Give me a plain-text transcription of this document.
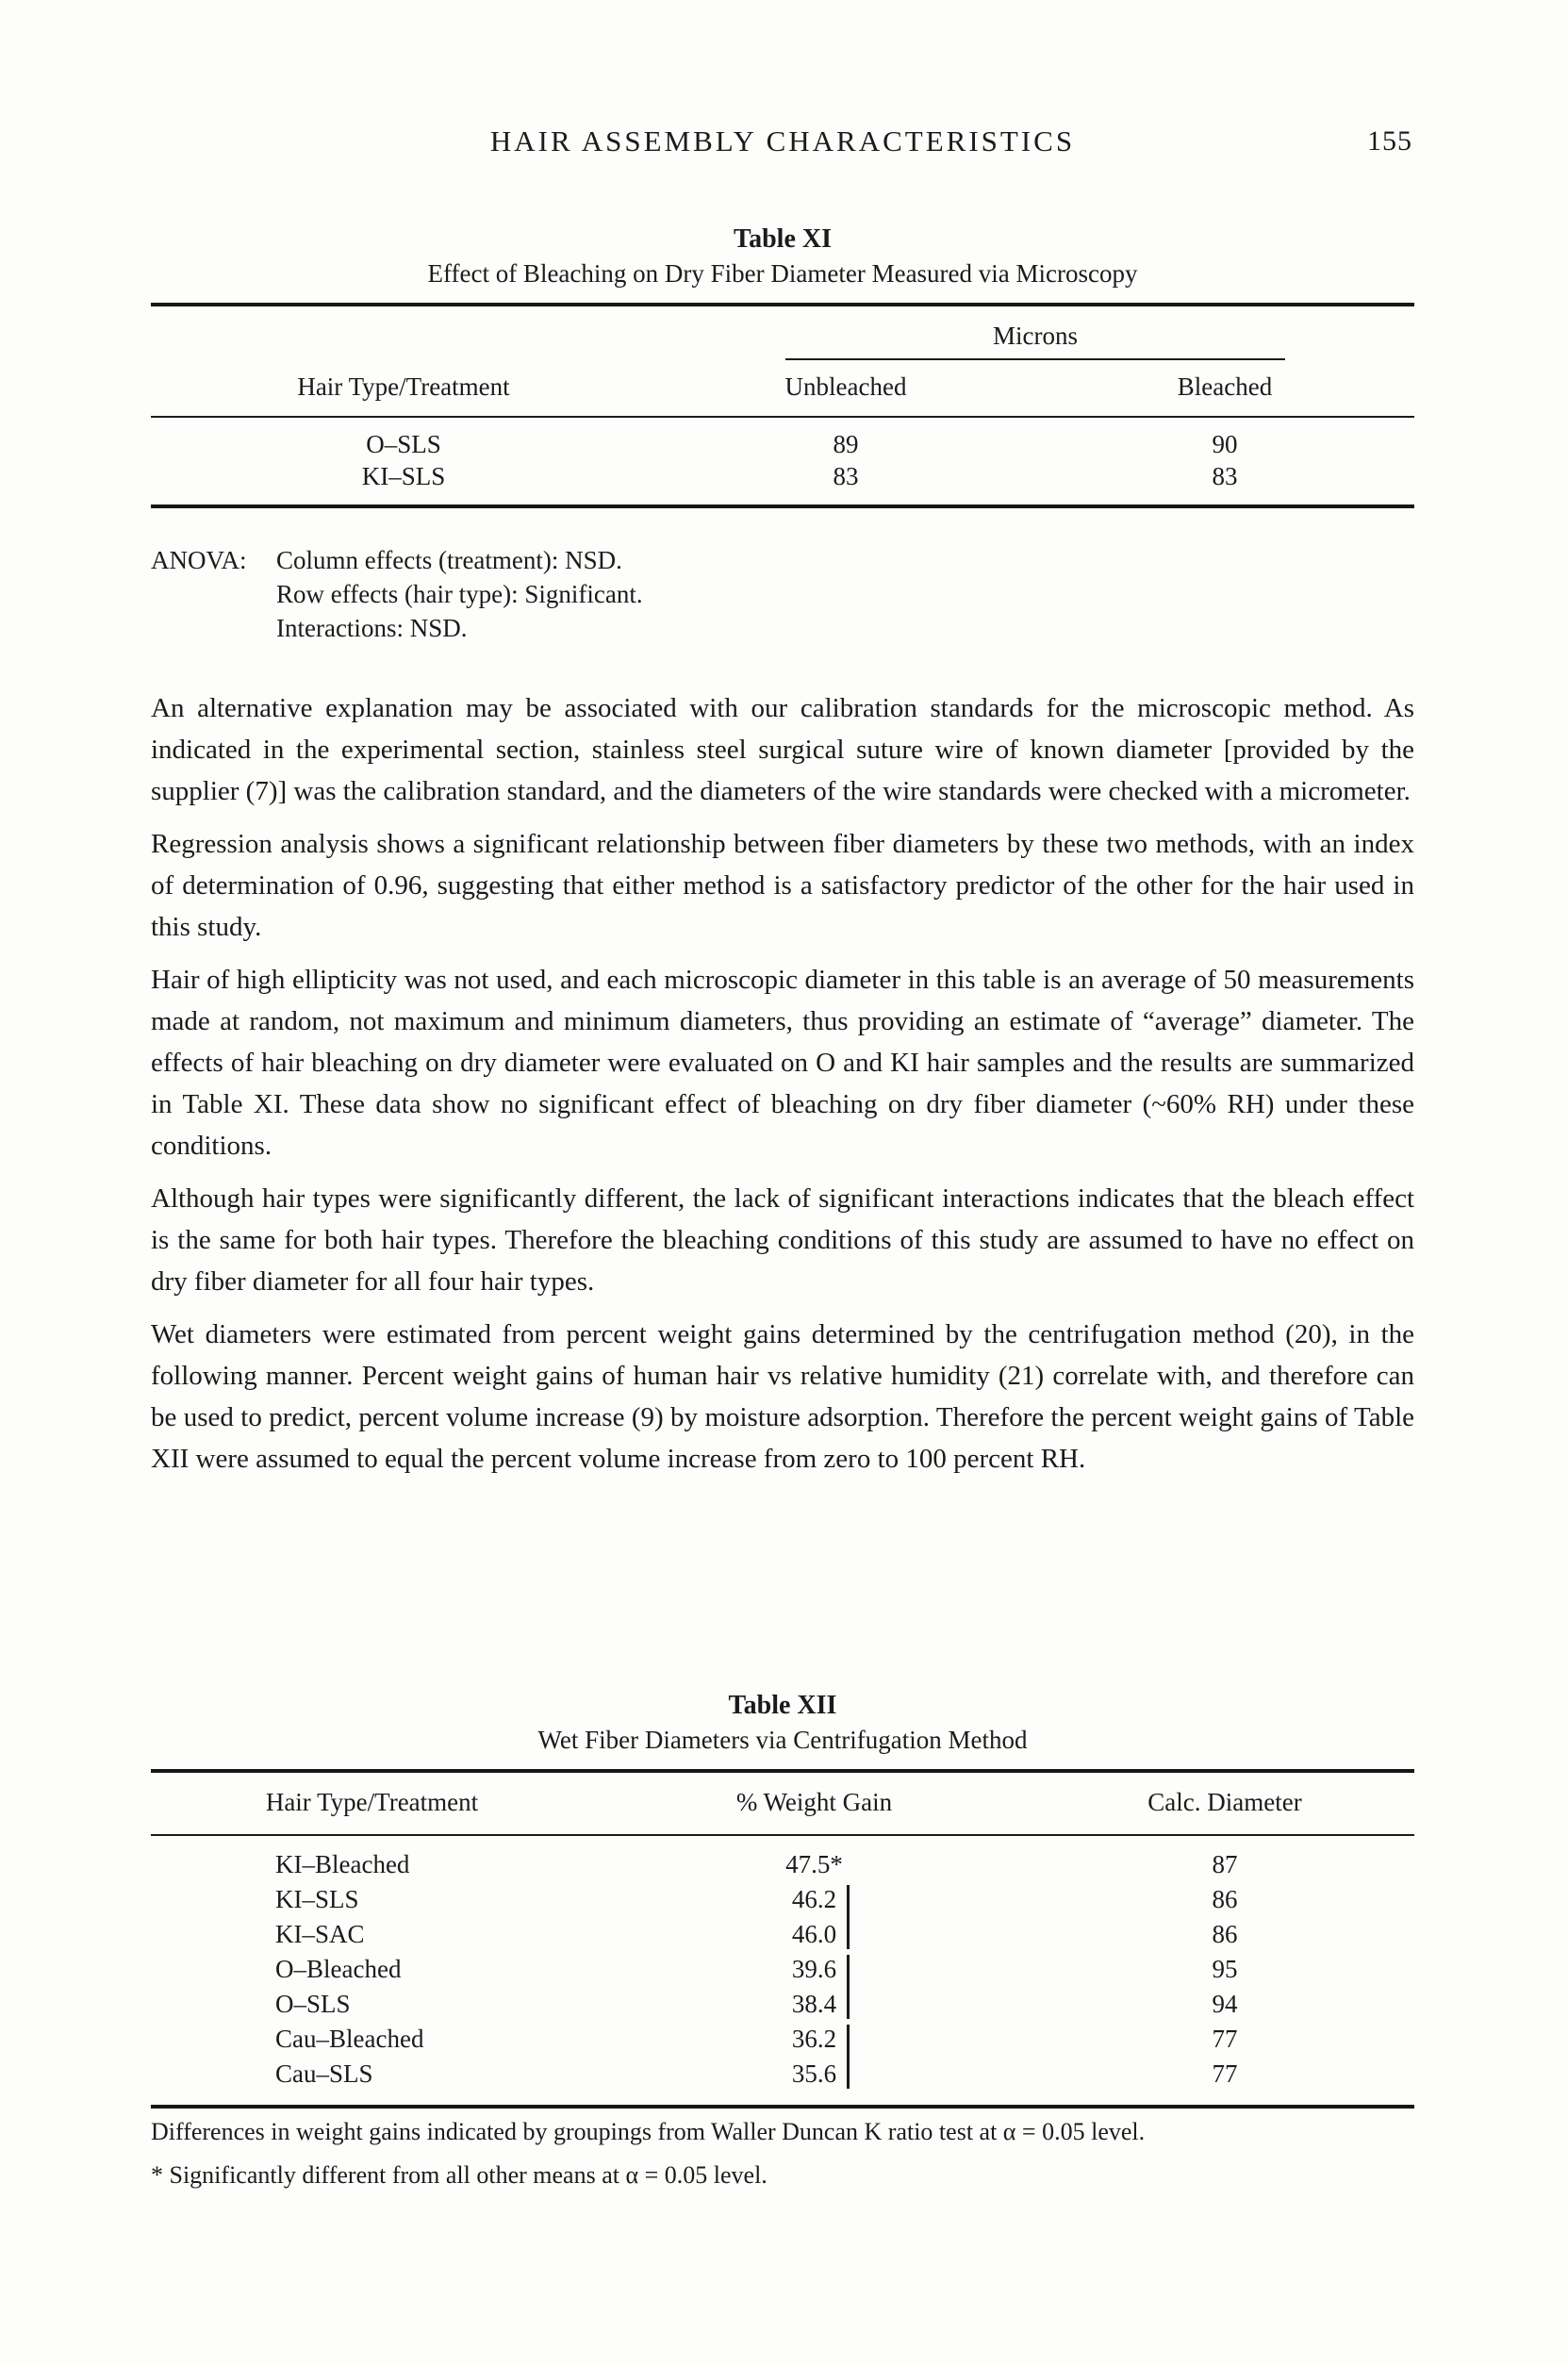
HAIR ASSEMBLY CHARACTERISTICS	155
Table XI
Effect of Bleaching on Dry Fiber Diameter Measured via Microscopy
Microns
Hair Type/Treatment	Unbleached	Bleached
O–SLS	89	90
KI–SLS	83	83
ANOVA: Column effects (treatment): NSD.
Row effects (hair type): Significant.
Interactions: NSD.

An alternative explanation may be associated with our calibration standards for the microscopic method. As indicated in the experimental section, stainless steel surgical suture wire of known diameter [provided by the supplier (7)] was the calibration standard, and the diameters of the wire standards were checked with a micrometer.

Regression analysis shows a significant relationship between fiber diameters by these two methods, with an index of determination of 0.96, suggesting that either method is a satisfactory predictor of the other for the hair used in this study.

Hair of high ellipticity was not used, and each microscopic diameter in this table is an average of 50 measurements made at random, not maximum and minimum diameters, thus providing an estimate of “average” diameter. The effects of hair bleaching on dry diameter were evaluated on O and KI hair samples and the results are summarized in Table XI. These data show no significant effect of bleaching on dry fiber diameter (~60% RH) under these conditions.

Although hair types were significantly different, the lack of significant interactions indicates that the bleach effect is the same for both hair types. Therefore the bleaching conditions of this study are assumed to have no effect on dry fiber diameter for all four hair types.

Wet diameters were estimated from percent weight gains determined by the centrifugation method (20), in the following manner. Percent weight gains of human hair vs relative humidity (21) correlate with, and therefore can be used to predict, percent volume increase (9) by moisture adsorption. Therefore the percent weight gains of Table XII were assumed to equal the percent volume increase from zero to 100 percent RH.

Table XII
Wet Fiber Diameters via Centrifugation Method
Hair Type/Treatment	% Weight Gain	Calc. Diameter
KI–Bleached	47.5*	87
KI–SLS	46.2	86
KI–SAC	46.0	86
O–Bleached	39.6	95
O–SLS	38.4	94
Cau–Bleached	36.2	77
Cau–SLS	35.6	77
Differences in weight gains indicated by groupings from Waller Duncan K ratio test at α = 0.05 level.
* Significantly different from all other means at α = 0.05 level.
